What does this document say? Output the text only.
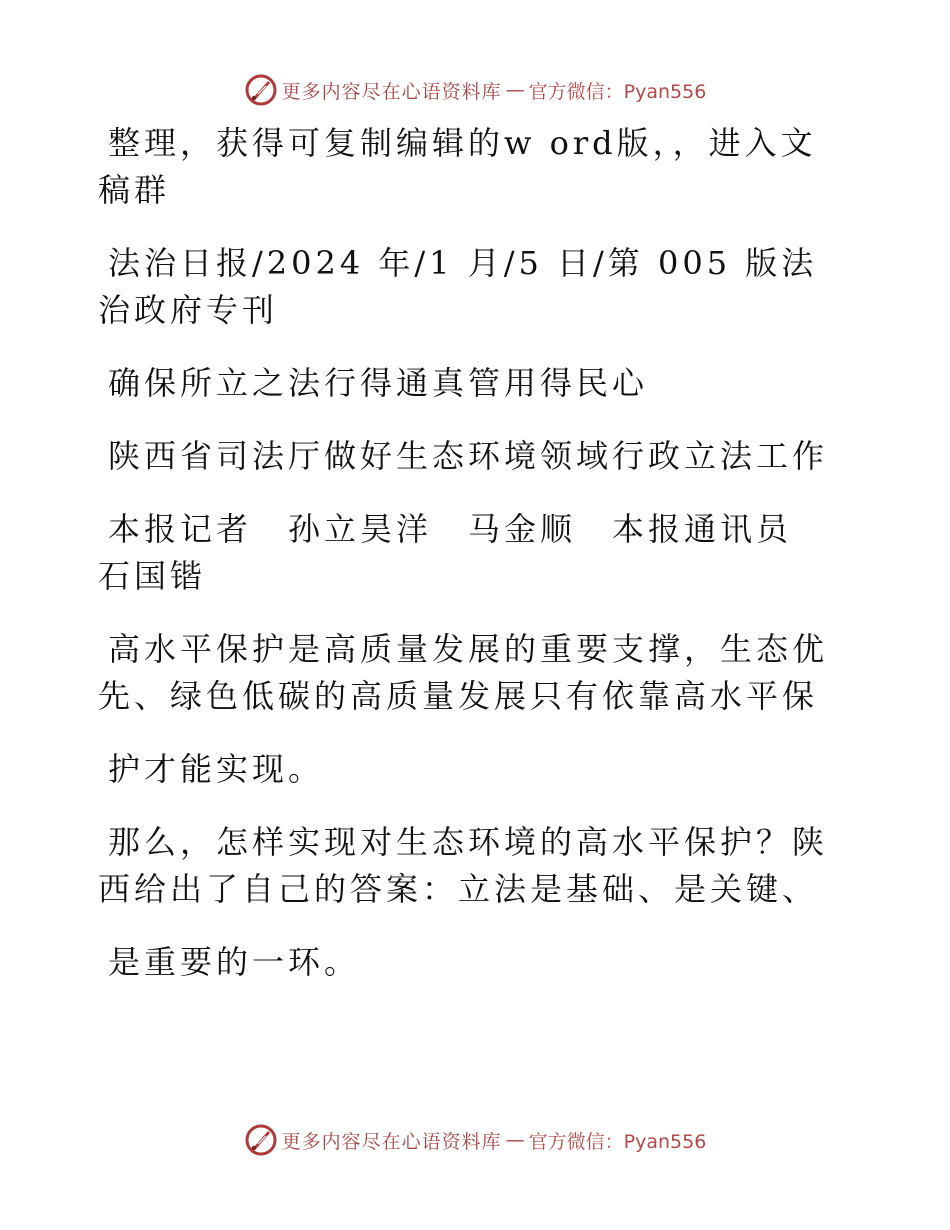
更多内容尽在心语资料库 — 官方微信：Pyan556

整理，获得可复制编辑的w ord版，，进入文稿群

法治日报/2024 年/1 月/5 日/第 005 版法治政府专刊

确保所立之法行得通真管用得民心

陕西省司法厅做好生态环境领域行政立法工作

本报记者　孙立昊洋　马金顺　本报通讯员　石国锴

高水平保护是高质量发展的重要支撑，生态优先、绿色低碳的高质量发展只有依靠高水平保

护才能实现。

那么，怎样实现对生态环境的高水平保护？陕西给出了自己的答案：立法是基础、是关键、

是重要的一环。

更多内容尽在心语资料库 — 官方微信：Pyan556
